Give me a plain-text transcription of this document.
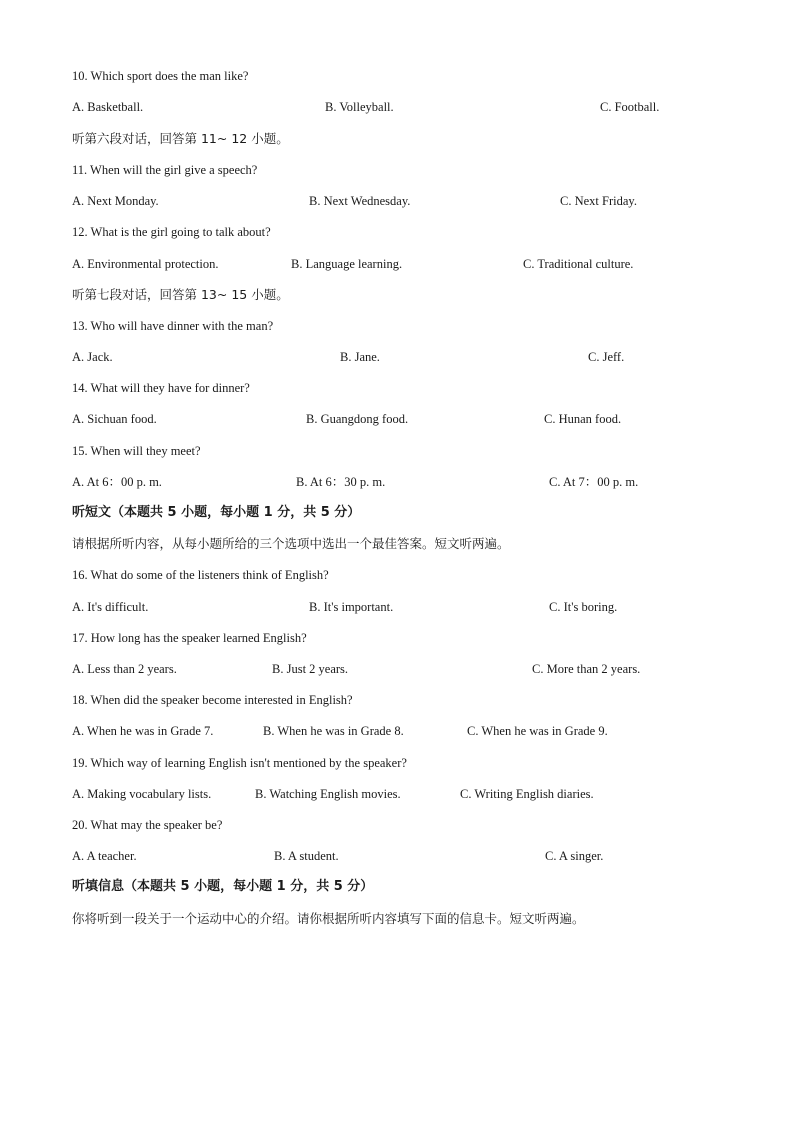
10. Which sport does the man like?
A. Basketball.	B. Volleyball.	C. Football.
听第六段对话，回答第 11~ 12 小题。
11. When will the girl give a speech?
A. Next Monday.	B. Next Wednesday.	C. Next Friday.
12. What is the girl going to talk about?
A. Environmental protection.	B. Language learning.	C. Traditional culture.
听第七段对话，回答第 13~ 15 小题。
13. Who will have dinner with the man?
A. Jack.	B. Jane.	C. Jeff.
14. What will they have for dinner?
A. Sichuan food.	B. Guangdong food.	C. Hunan food.
15. When will they meet?
A. At 6：00 p. m.	B. At 6：30 p. m.	C. At 7：00 p. m.
听短文（本题共 5 小题，每小题 1 分，共 5 分）
请根据所听内容，从每小题所给的三个选项中选出一个最佳答案。短文听两遍。
16. What do some of the listeners think of English?
A. It's difficult.	B. It's important.	C. It's boring.
17. How long has the speaker learned English?
A. Less than 2 years.	B. Just 2 years.	C. More than 2 years.
18. When did the speaker become interested in English?
A. When he was in Grade 7.	B. When he was in Grade 8.	C. When he was in Grade 9.
19. Which way of learning English isn't mentioned by the speaker?
A. Making vocabulary lists.	B. Watching English movies.	C. Writing English diaries.
20. What may the speaker be?
A. A teacher.	B. A student.	C. A singer.
听填信息（本题共 5 小题，每小题 1 分，共 5 分）
你将听到一段关于一个运动中心的介绍。请你根据所听内容填写下面的信息卡。短文听两遍。
